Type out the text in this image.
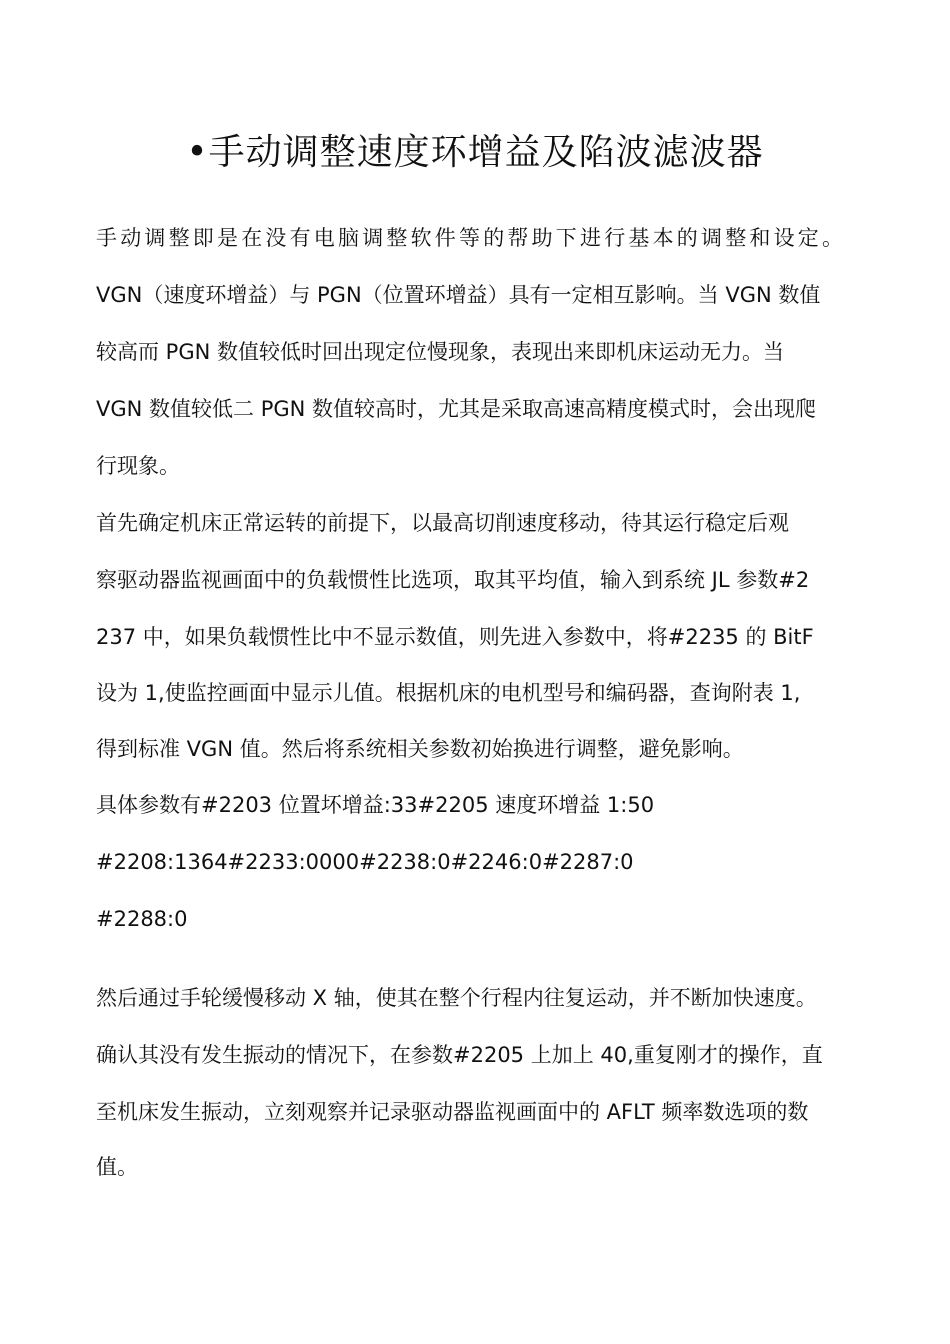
•手动调整速度环增益及陷波滤波器
手动调整即是在没有电脑调整软件等的帮助下进行基本的调整和设定。
VGN（速度环增益）与 PGN（位置环增益）具有一定相互影响。当 VGN 数值
较高而 PGN 数值较低时回出现定位慢现象，表现出来即机床运动无力。当
VGN 数值较低二 PGN 数值较高时，尤其是采取高速高精度模式时，会出现爬
行现象。
首先确定机床正常运转的前提下，以最高切削速度移动，待其运行稳定后观
察驱动器监视画面中的负载惯性比选项，取其平均值，输入到系统 JL 参数#2
237 中，如果负载惯性比中不显示数值，则先进入参数中，将#2235 的 BitF
设为 1,使监控画面中显示儿值。根据机床的电机型号和编码器，查询附表 1,
得到标准 VGN 值。然后将系统相关参数初始换进行调整，避免影响。
具体参数有#2203 位置坏增益:33#2205 速度环增益 1:50
#2208:1364#2233:0000#2238:0#2246:0#2287:0
#2288:0
然后通过手轮缓慢移动 X 轴，使其在整个行程内往复运动，并不断加快速度。
确认其没有发生振动的情况下，在参数#2205 上加上 40,重复刚才的操作，直
至机床发生振动，立刻观察并记录驱动器监视画面中的 AFLT 频率数选项的数
值。
